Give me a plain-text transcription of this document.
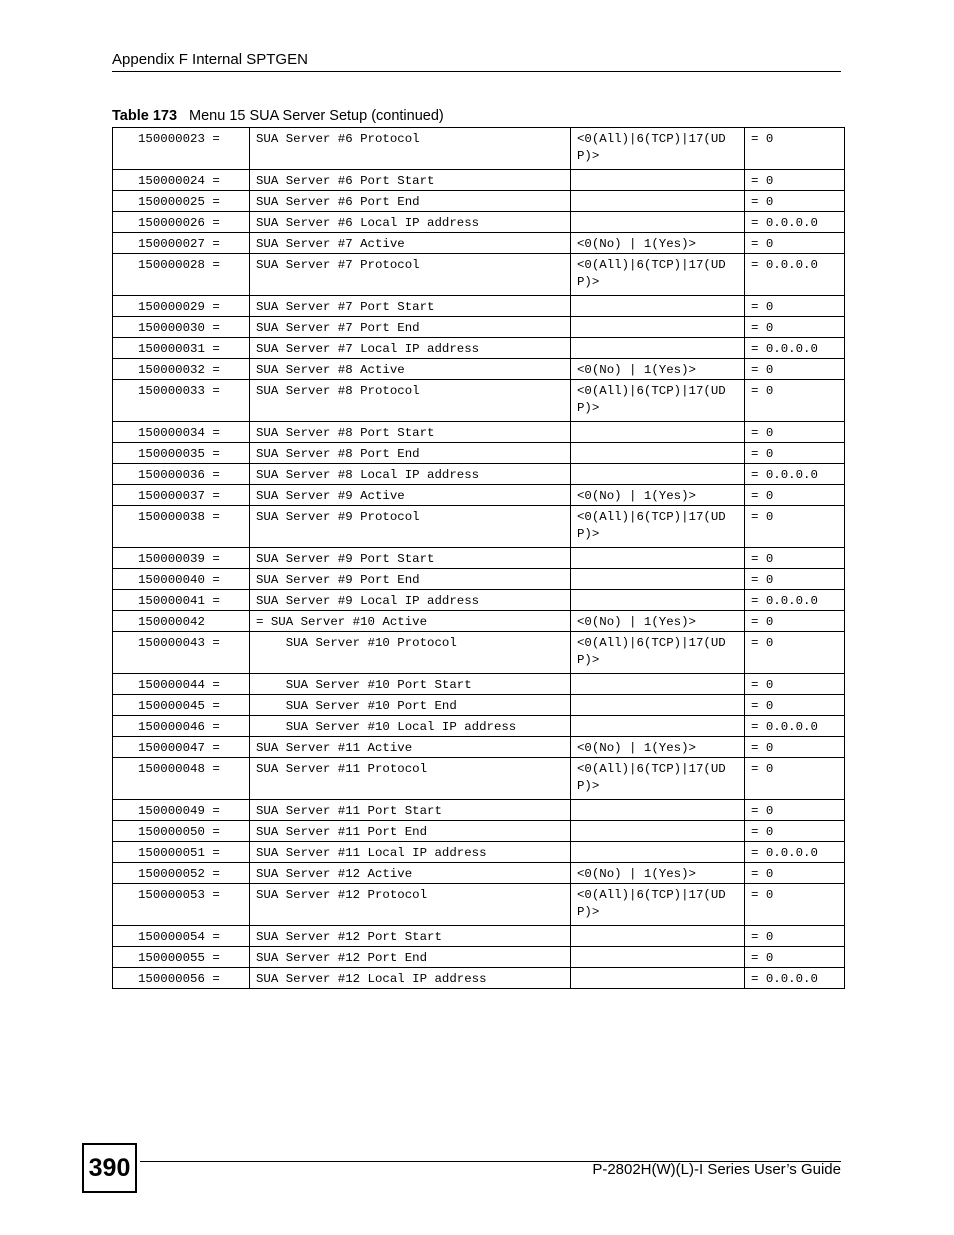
Appendix F Internal SPTGEN
Table 173 Menu 15 SUA Server Setup (continued)
150000023 =	SUA Server #6 Protocol	<0(All)|6(TCP)|17(UDP)>	= 0
150000024 =	SUA Server #6 Port Start		= 0
150000025 =	SUA Server #6 Port End		= 0
150000026 =	SUA Server #6 Local IP address		= 0.0.0.0
150000027 =	SUA Server #7 Active	<0(No) | 1(Yes)>	= 0
150000028 =	SUA Server #7 Protocol	<0(All)|6(TCP)|17(UDP)>	= 0.0.0.0
150000029 =	SUA Server #7 Port Start		= 0
150000030 =	SUA Server #7 Port End		= 0
150000031 =	SUA Server #7 Local IP address		= 0.0.0.0
150000032 =	SUA Server #8 Active	<0(No) | 1(Yes)>	= 0
150000033 =	SUA Server #8 Protocol	<0(All)|6(TCP)|17(UDP)>	= 0
150000034 =	SUA Server #8 Port Start		= 0
150000035 =	SUA Server #8 Port End		= 0
150000036 =	SUA Server #8 Local IP address		= 0.0.0.0
150000037 =	SUA Server #9 Active	<0(No) | 1(Yes)>	= 0
150000038 =	SUA Server #9 Protocol	<0(All)|6(TCP)|17(UDP)>	= 0
150000039 =	SUA Server #9 Port Start		= 0
150000040 =	SUA Server #9 Port End		= 0
150000041 =	SUA Server #9 Local IP address		= 0.0.0.0
150000042	= SUA Server #10 Active	<0(No) | 1(Yes)>	= 0
150000043 =	SUA Server #10 Protocol	<0(All)|6(TCP)|17(UDP)>	= 0
150000044 =	SUA Server #10 Port Start		= 0
150000045 =	SUA Server #10 Port End		= 0
150000046 =	SUA Server #10 Local IP address		= 0.0.0.0
150000047 =	SUA Server #11 Active	<0(No) | 1(Yes)>	= 0
150000048 =	SUA Server #11 Protocol	<0(All)|6(TCP)|17(UDP)>	= 0
150000049 =	SUA Server #11 Port Start		= 0
150000050 =	SUA Server #11 Port End		= 0
150000051 =	SUA Server #11 Local IP address		= 0.0.0.0
150000052 =	SUA Server #12 Active	<0(No) | 1(Yes)>	= 0
150000053 =	SUA Server #12 Protocol	<0(All)|6(TCP)|17(UDP)>	= 0
150000054 =	SUA Server #12 Port Start		= 0
150000055 =	SUA Server #12 Port End		= 0
150000056 =	SUA Server #12 Local IP address		= 0.0.0.0
390	P-2802H(W)(L)-I Series User’s Guide
